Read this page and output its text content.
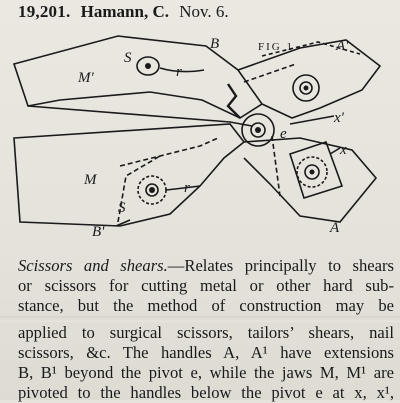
19,201. Hamann, C. Nov. 6.
FIG 1
B	A'
M'
S
r
e
x'
x
M
S
r
B'	A
Scissors and shears.—Relates principally to shears
or scissors for cutting metal or other hard sub-
stance, but the method of construction may be
applied to surgical scissors, tailors’ shears, nail
scissors, &c. The handles A, A¹ have extensions
B, B¹ beyond the pivot e, while the jaws M, M¹ are
pivoted to the handles below the pivot e at x, x¹,
